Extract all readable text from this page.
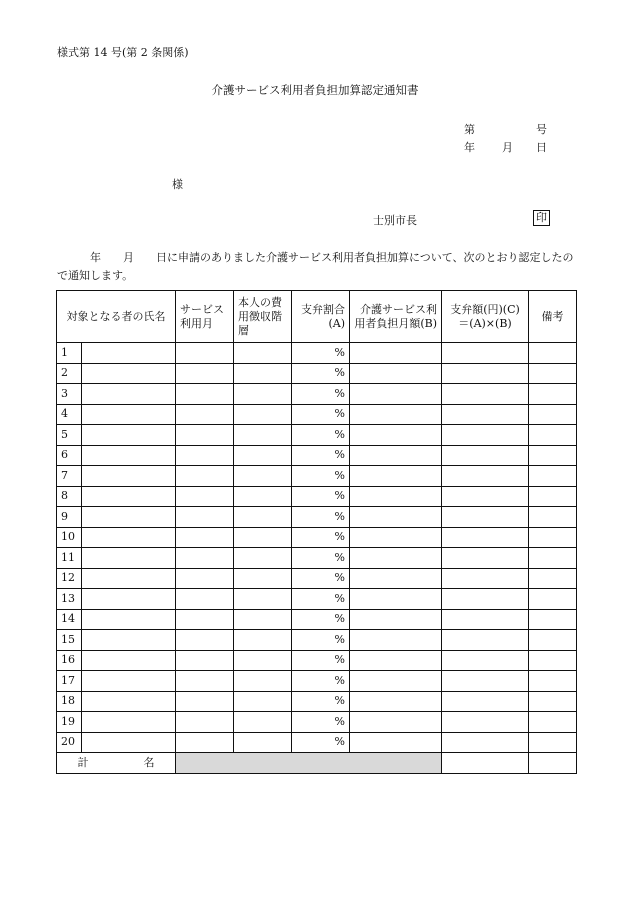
様式第 14 号(第 2 条関係)
介護サービス利用者負担加算認定通知書
第	号
年 月 日
様
士別市長	印
　　　年　　月　　日に申請のありました介護サービス利用者負担加算について、次のとおり認定したので通知します。
対象となる者の氏名		サービス利用月	本人の費用徴収階層	支弁割合(A)	介護サービス利用者負担月額(B)	支弁額(円)(C)＝(A)×(B)	備考
1				%			
2				%			
3				%			
4				%			
5				%			
6				%			
7				%			
8				%			
9				%			
10				%			
11				%			
12				%			
13				%			
14				%			
15				%			
16				%			
17				%			
18				%			
19				%			
20				%			
計 名							
